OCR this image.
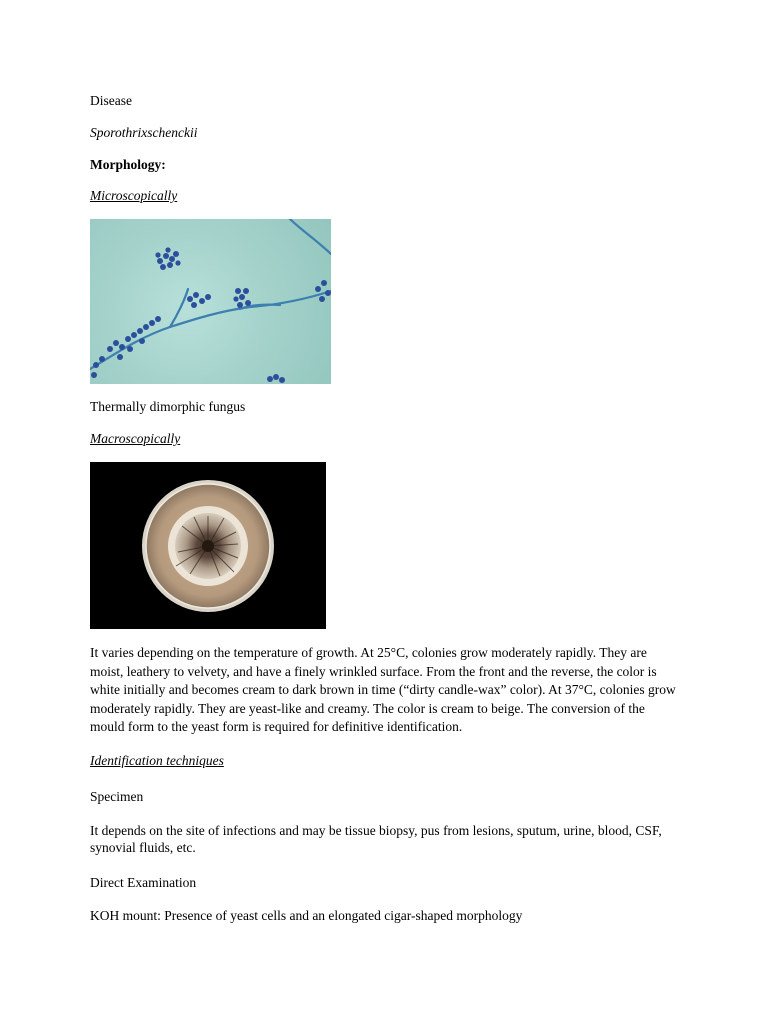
Disease
Sporothrixschenckii
Morphology:
Microscopically
Thermally dimorphic fungus
Macroscopically
It varies depending on the temperature of growth. At 25°C, colonies grow moderately rapidly. They are moist, leathery to velvety, and have a finely wrinkled surface. From the front and the reverse, the color is white initially and becomes cream to dark brown in time (“dirty candle-wax” color). At 37°C, colonies grow moderately rapidly. They are yeast-like and creamy. The color is cream to beige. The conversion of the mould form to the yeast form is required for definitive identification.
Identification techniques
Specimen
It depends on the site of infections and may be tissue biopsy, pus from lesions, sputum, urine, blood, CSF, synovial fluids, etc.
Direct Examination
KOH mount: Presence of yeast cells and an elongated cigar-shaped morphology
